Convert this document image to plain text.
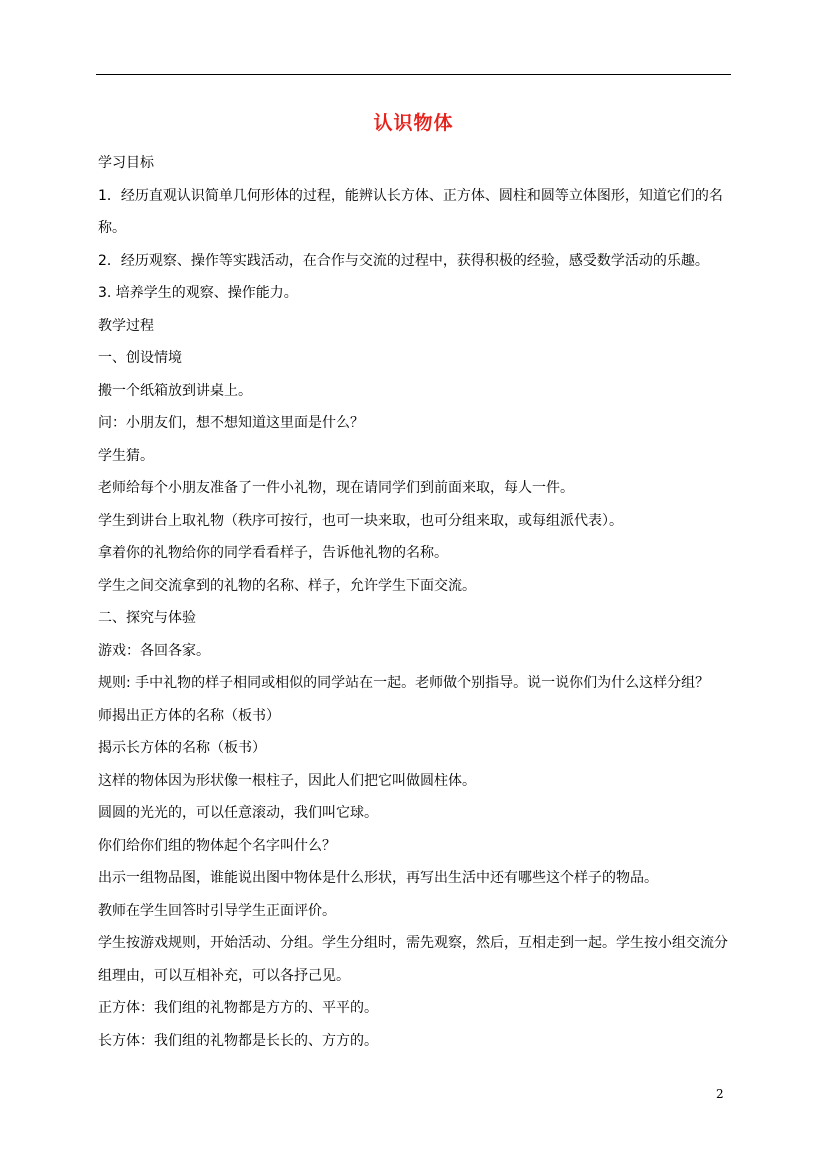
认识物体
学习目标
1．经历直观认识简单几何形体的过程，能辨认长方体、正方体、圆柱和圆等立体图形，知道它们的名称。
2．经历观察、操作等实践活动，在合作与交流的过程中，获得积极的经验，感受数学活动的乐趣。
3. 培养学生的观察、操作能力。
教学过程
一、创设情境
搬一个纸箱放到讲桌上。
问：小朋友们，想不想知道这里面是什么？
学生猜。
老师给每个小朋友准备了一件小礼物，现在请同学们到前面来取，每人一件。
学生到讲台上取礼物（秩序可按行，也可一块来取，也可分组来取，或每组派代表）。
拿着你的礼物给你的同学看看样子，告诉他礼物的名称。
学生之间交流拿到的礼物的名称、样子，允许学生下面交流。
二、探究与体验
游戏：各回各家。
规则: 手中礼物的样子相同或相似的同学站在一起。老师做个别指导。说一说你们为什么这样分组？
师揭出正方体的名称（板书）
揭示长方体的名称（板书）
这样的物体因为形状像一根柱子，因此人们把它叫做圆柱体。
圆圆的光光的，可以任意滚动，我们叫它球。
你们给你们组的物体起个名字叫什么？
出示一组物品图，谁能说出图中物体是什么形状，再写出生活中还有哪些这个样子的物品。
教师在学生回答时引导学生正面评价。
学生按游戏规则，开始活动、分组。学生分组时，需先观察，然后，互相走到一起。学生按小组交流分组理由，可以互相补充，可以各抒己见。
正方体：我们组的礼物都是方方的、平平的。
长方体：我们组的礼物都是长长的、方方的。
2
